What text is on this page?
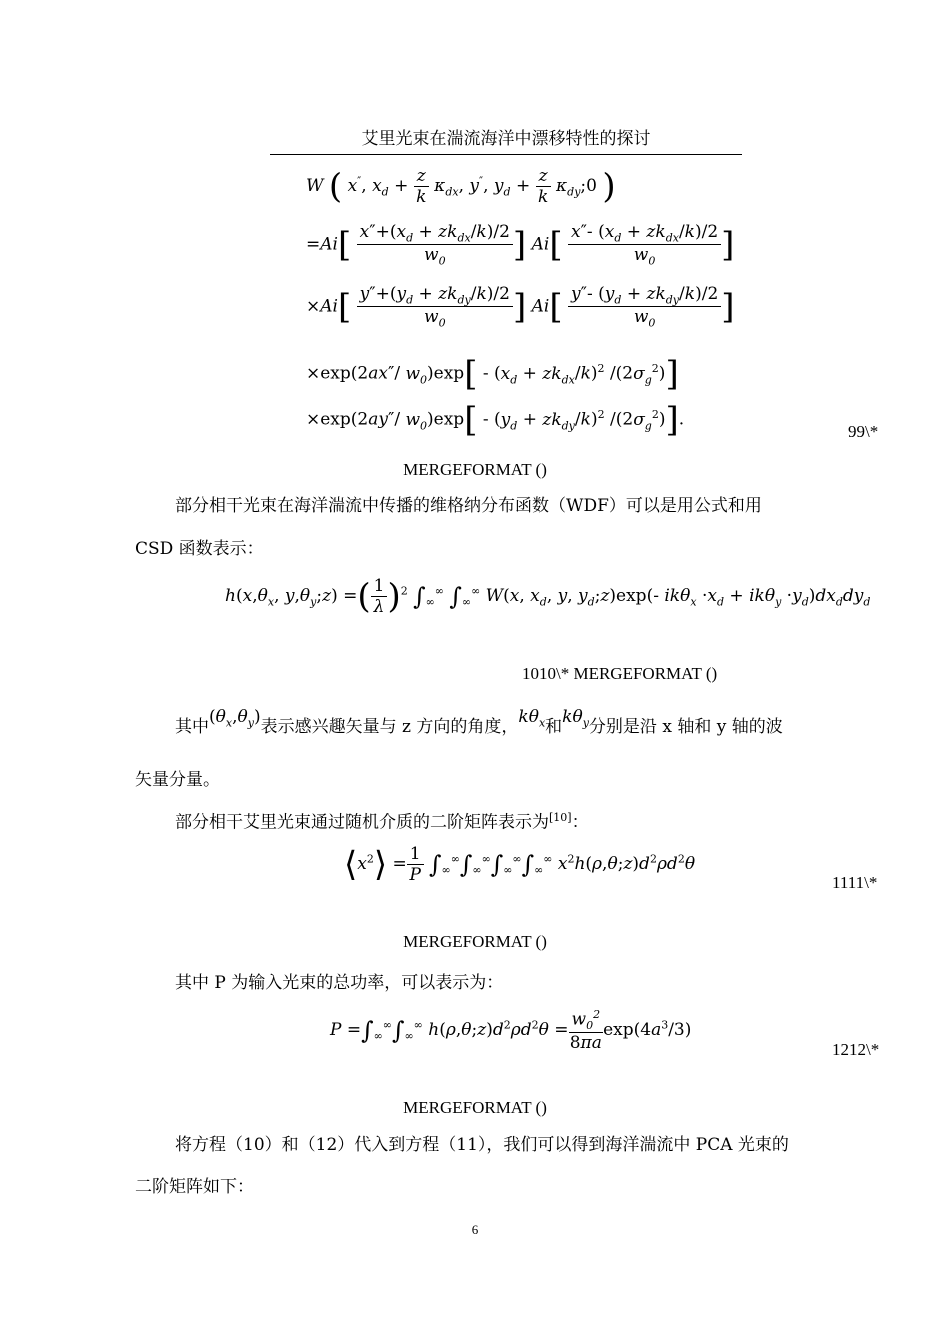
艾里光束在湍流海洋中漂移特性的探讨
W ( x″, $x_d + \frac{z}{k} \kappa_{dx}$, y″, $y_d + \frac{z}{k}$ $\kappa_{dy};0$ )
$=Ai[ \frac{x''+(x_d + zk_{dx}/k)/2}{w_0}$ ] $Ai[ \frac{x''- (x_d + zk_{dx}/k)/2}{w_0}$ ]
$\times Ai[ \frac{y''+(y_d + zk_{dy}/k)/2}{w_0}$ ] $Ai[ \frac{y''- (y_d + zk_{dy}/k)/2}{w_0}$ ]
×exp(2ax″/ $w_0)\exp[ - (x_d + zk_{dx}/k)^2$ $/(2\sigma_g^2)$]
×exp(2ay″/ $w_0)\exp[ - (y_d + zk_{dy}/k)^2$ $/(2\sigma_g^2)$].
99\*
MERGEFORMAT ()
部分相干光束在海洋湍流中传播的维格纳分布函数（WDF）可以是用公式和用
CSD 函数表示：
$h(x,\theta_x$, $y,\theta_y;z$) =( $\frac{1}{\lambda} )^2$ $\int_\infty^\infty$ $\int_\infty^\infty$ W(x, $x_d$, y, $y_d;z)\exp(-$ $ik\theta_x \cdot x_d + ik\theta_y \cdot y_d)dx_ddy_d$
1010\* MERGEFORMAT ()
其中$(\theta_x,\theta_y)$表示感兴趣矢量与 z 方向的角度，$k\theta_x$和$k\theta_y$分别是沿 x 轴和 y 轴的波
矢量分量。
部分相干艾里光束通过随机介质的二阶矩阵表示为[10]：
$⟨x^2⟩ = \frac{1}{P} \int_\infty^\infty\int_\infty^\infty\int_\infty^\infty\int_\infty^\infty$ $x^2h(\rho,\theta;z)d^2\rho d^2\theta$
1111\*
MERGEFORMAT ()
其中 P 为输入光束的总功率，可以表示为：
$P =\int_\infty^\infty\int_\infty^\infty$ $h(\rho,\theta;z)d^2\rho d^2\theta = \frac{w_0^2}{8\pi a} \exp(4a^3/3)$
1212\*
MERGEFORMAT ()
将方程（10）和（12）代入到方程（11），我们可以得到海洋湍流中 PCA 光束的
二阶矩阵如下：
6
